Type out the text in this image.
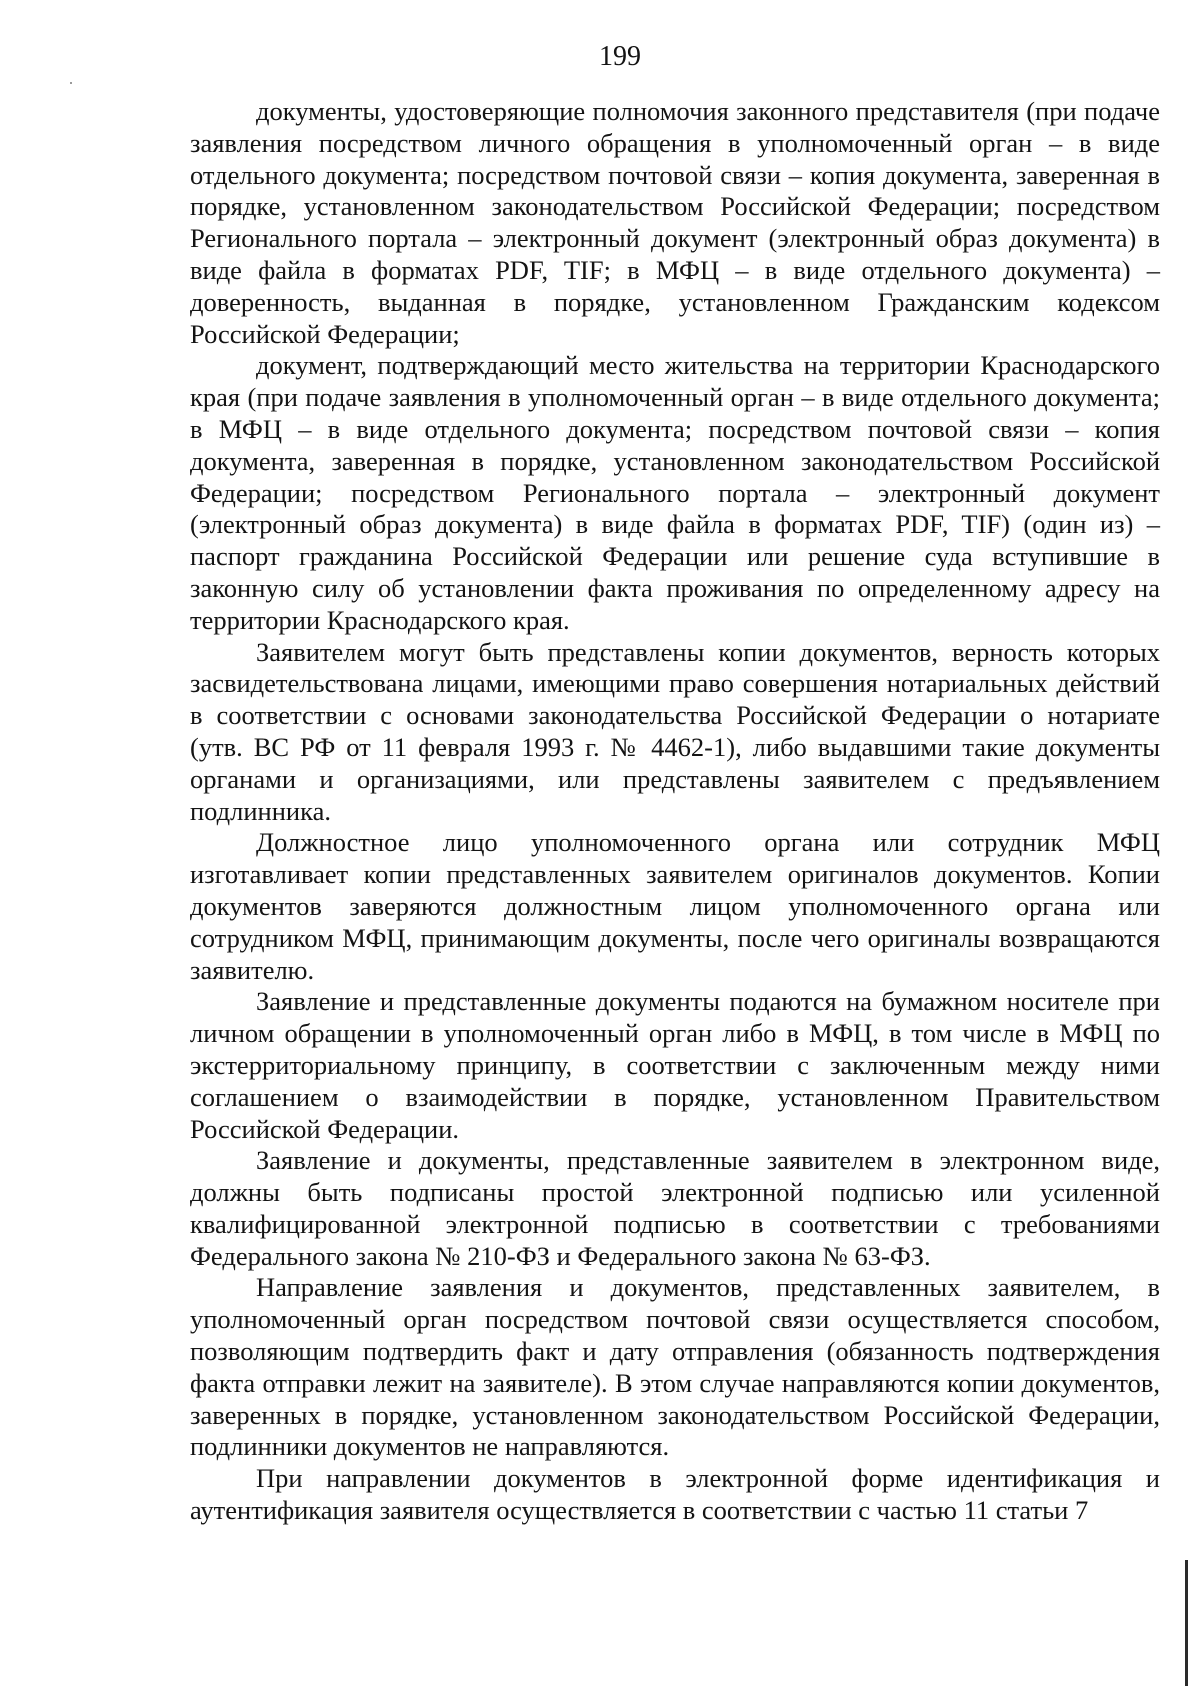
199

документы, удостоверяющие полномочия законного представителя (при подаче заявления посредством личного обращения в уполномоченный орган – в виде отдельного документа; посредством почтовой связи – копия документа, заверенная в порядке, установленном законодательством Российской Федерации; посредством Регионального портала – электронный документ (электронный образ документа) в виде файла в форматах PDF, TIF; в МФЦ – в виде отдельного документа) – доверенность, выданная в порядке, установленном Гражданским кодексом Российской Федерации;

документ, подтверждающий место жительства на территории Краснодарского края (при подаче заявления в уполномоченный орган – в виде отдельного документа; в МФЦ – в виде отдельного документа; посредством почтовой связи – копия документа, заверенная в порядке, установленном законодательством Российской Федерации; посредством Регионального портала – электронный документ (электронный образ документа) в виде файла в форматах PDF, TIF) (один из) – паспорт гражданина Российской Федерации или решение суда вступившие в законную силу об установлении факта проживания по определенному адресу на территории Краснодарского края.

Заявителем могут быть представлены копии документов, верность которых засвидетельствована лицами, имеющими право совершения нотариальных действий в соответствии с основами законодательства Российской Федерации о нотариате (утв. ВС РФ от 11 февраля 1993 г. № 4462-1), либо выдавшими такие документы органами и организациями, или представлены заявителем с предъявлением подлинника.

Должностное лицо уполномоченного органа или сотрудник МФЦ изготавливает копии представленных заявителем оригиналов документов. Копии документов заверяются должностным лицом уполномоченного органа или сотрудником МФЦ, принимающим документы, после чего оригиналы возвращаются заявителю.

Заявление и представленные документы подаются на бумажном носителе при личном обращении в уполномоченный орган либо в МФЦ, в том числе в МФЦ по экстерриториальному принципу, в соответствии с заключенным между ними соглашением о взаимодействии в порядке, установленном Правительством Российской Федерации.

Заявление и документы, представленные заявителем в электронном виде, должны быть подписаны простой электронной подписью или усиленной квалифицированной электронной подписью в соответствии с требованиями Федерального закона № 210-ФЗ и Федерального закона № 63-ФЗ.

Направление заявления и документов, представленных заявителем, в уполномоченный орган посредством почтовой связи осуществляется способом, позволяющим подтвердить факт и дату отправления (обязанность подтверждения факта отправки лежит на заявителе). В этом случае направляются копии документов, заверенных в порядке, установленном законодательством Российской Федерации, подлинники документов не направляются.

При направлении документов в электронной форме идентификация и аутентификация заявителя осуществляется в соответствии с частью 11 статьи 7
